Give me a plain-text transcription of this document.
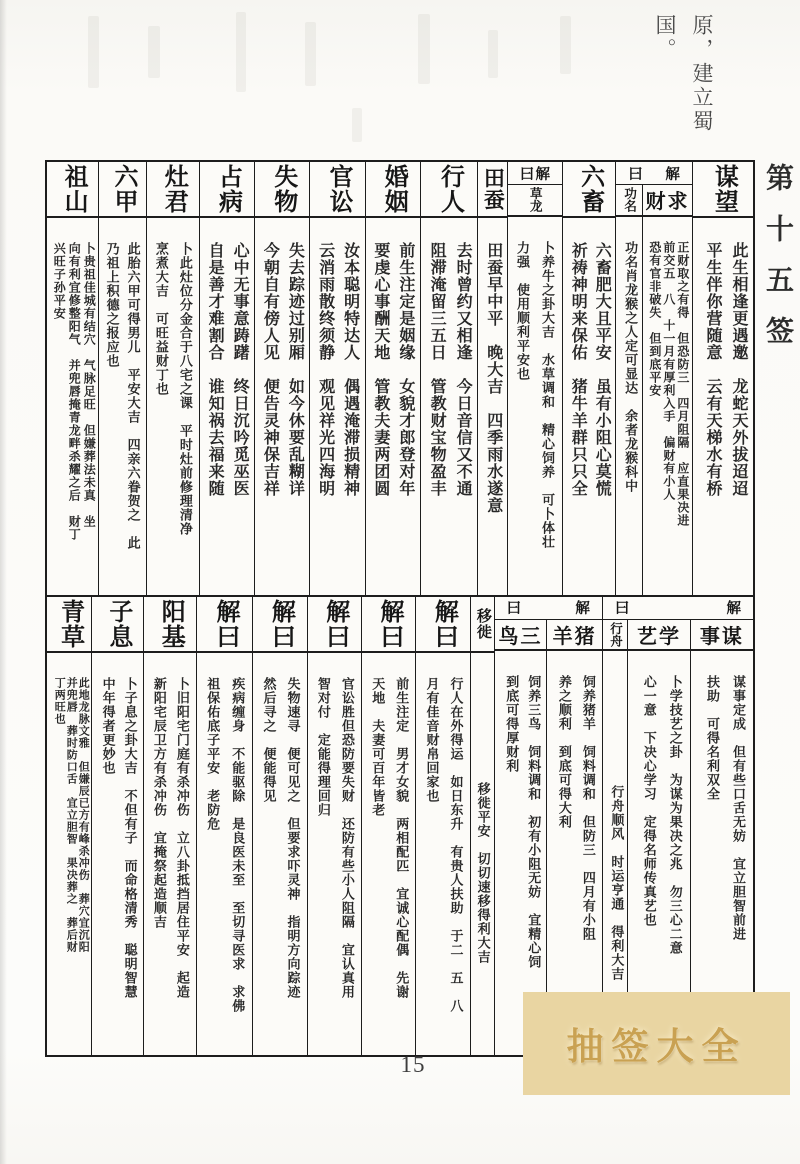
原，建立蜀
国。
第十五签
谋望
此生相逢更遇邀　龙蛇天外拔迢迢
平生伴你营随意　云有天梯水有桥
曰 解
求财
正财取之有得　但恐防三　四月阻隔　应直果决进
前交五　八　十一月有厚利入手　偏财有小人
恐有官非破失　但到底平安
功名
功名肖龙猴之人定可显达　余者龙猴科中
六畜
六畜肥大且平安　虽有小阻心莫慌
祈祷神明来保佑　猪牛羊群只只全
曰 解
草龙
卜养牛之卦大吉　水草调和　精心饲养　可卜体壮
力强　使用顺利平安也
田蚕
田蚕早中平　晚大吉　四季雨水遂意
行人
去时曾约又相逢　今日音信又不通
阻滞淹留三五日　管教财宝物盈丰
婚姻
前生注定是姻缘　女貌才郎登对年
要虔心事酬天地　管教夫妻两团圆
官讼
汝本聪明特达人　偶遇淹滞损精神
云消雨散终须静　观见祥光四海明
失物
失去踪迹过别厢　如今休要乱糊详
今朝自有傍人见　便告灵神保吉祥
占病
心中无事意踌躇　终日沉吟觅巫医
自是善才难割合　谁知祸去福来随
灶君
卜此灶位分金合于八宅之课　平时灶前修理清净
烹煮大吉　可旺益财丁也
六甲
此胎六甲可得男儿　平安大吉　四亲六眷贺之　此
乃祖上积德之报应也
祖山
卜贵祖佳城有结穴　气脉足旺　但嫌葬法未真　坐
向有利宜修整阳气　并兜唇掩青龙畔杀耀之后　财丁
兴旺子孙平安
曰	解
谋事
谋事定成　但有些口舌无妨　宜立胆智前进
扶助　可得名利双全
学艺
卜学技艺之卦　为谋为果决之兆　勿三心二意
心一意　下决心学习　定得名师传真艺也
行舟
行舟顺风　时运亨通　得利大吉
曰	解
猪羊
饲养猪羊　饲料调和　但防三　四月有小阻
养之顺利　到底可得大利
三鸟
饲养三鸟　饲料调和　初有小阻无妨　宜精心饲
到底可得厚财利
移徙
移徙平安　切切速移得利大吉
解曰
行人在外得运　如日东升　有贵人扶助　于二　五　八
月有佳音财帛回家也
解曰
前生注定　男才女貌　两相配匹　宜诚心配偶　先谢
天地　夫妻可百年皆老
解曰
官讼胜但恐防要失财　还防有些小人阻隔　宜认真用
智对付　定能得理回归
解曰
失物速寻　便可见之　但要求吓灵神　指明方向踪迹
然后寻之　便能得见
解曰
疾病缠身　不能驱除　是良医未至　至切寻医求　求佛
祖保佑底子平安　老防危
阳基
卜旧阳宅门庭有杀冲伤　立八卦抵挡居住平安　起造
新阳宅辰卫方有杀冲伤　宜掩祭起造顺吉
子息
卜子息之卦大吉　不但有子　而命格清秀　聪明智慧
中年得者更妙也
青草
此地龙脉文雅　但嫌辰已方有峰杀冲伤　葬穴宜沉阳
并兜唇　葬时防口舌　宜立胆智　果决葬之　葬后财
丁两旺也
抽签大全
15
